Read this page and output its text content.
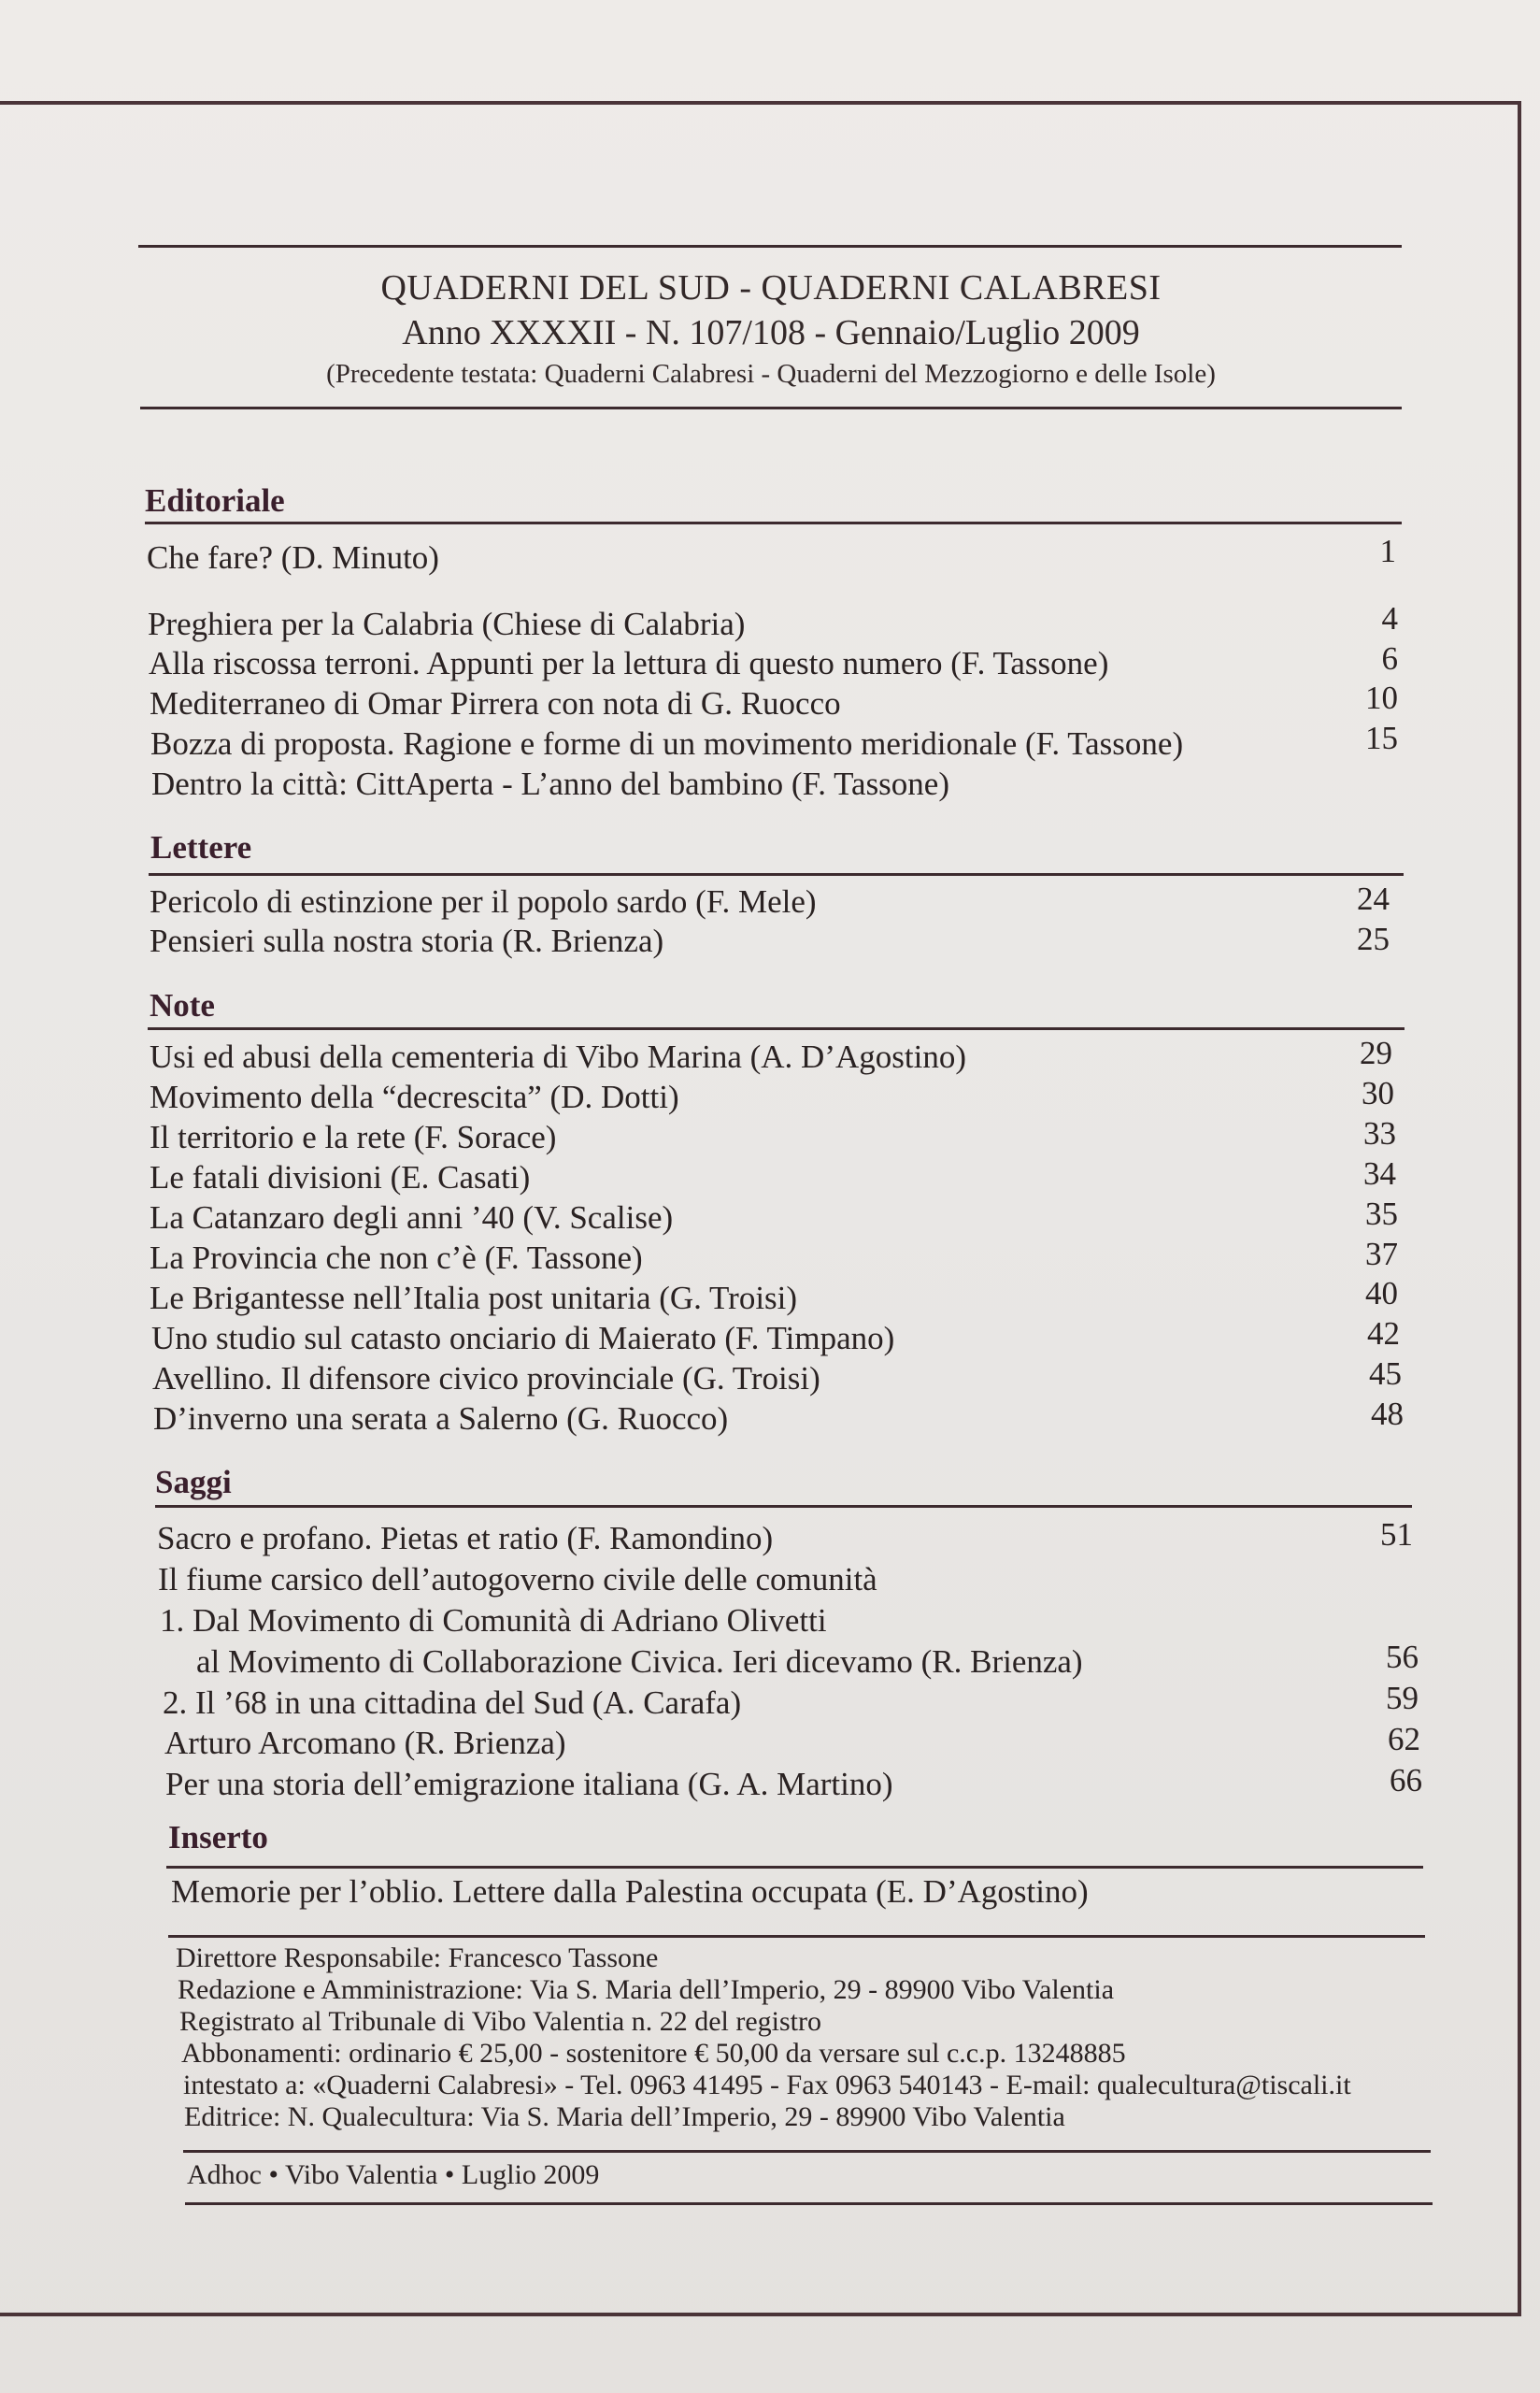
QUADERNI DEL SUD - QUADERNI CALABRESI
Anno XXXXII - N. 107/108 - Gennaio/Luglio 2009
(Precedente testata: Quaderni Calabresi - Quaderni del Mezzogiorno e delle Isole)
Editoriale
Che fare? (D. Minuto)	1
Preghiera per la Calabria (Chiese di Calabria)	4
Alla riscossa terroni. Appunti per la lettura di questo numero (F. Tassone)	6
Mediterraneo di Omar Pirrera con nota di G. Ruocco	10
Bozza di proposta. Ragione e forme di un movimento meridionale (F. Tassone)	15
Dentro la città: CittAperta - L’anno del bambino (F. Tassone)
Lettere
Pericolo di estinzione per il popolo sardo (F. Mele)	24
Pensieri sulla nostra storia (R. Brienza)	25
Note
Usi ed abusi della cementeria di Vibo Marina (A. D’Agostino)	29
Movimento della “decrescita” (D. Dotti)	30
Il territorio e la rete (F. Sorace)	33
Le fatali divisioni (E. Casati)	34
La Catanzaro degli anni ’40 (V. Scalise)	35
La Provincia che non c’è (F. Tassone)	37
Le Brigantesse nell’Italia post unitaria (G. Troisi)	40
Uno studio sul catasto onciario di Maierato (F. Timpano)	42
Avellino. Il difensore civico provinciale (G. Troisi)	45
D’inverno una serata a Salerno (G. Ruocco)	48
Saggi
Sacro e profano. Pietas et ratio (F. Ramondino)	51
Il fiume carsico dell’autogoverno civile delle comunità
1. Dal Movimento di Comunità di Adriano Olivetti
al Movimento di Collaborazione Civica. Ieri dicevamo (R. Brienza)	56
2. Il ’68 in una cittadina del Sud (A. Carafa)	59
Arturo Arcomano (R. Brienza)	62
Per una storia dell’emigrazione italiana (G. A. Martino)	66
Inserto
Memorie per l’oblio. Lettere dalla Palestina occupata (E. D’Agostino)
Direttore Responsabile: Francesco Tassone
Redazione e Amministrazione: Via S. Maria dell’Imperio, 29 - 89900 Vibo Valentia
Registrato al Tribunale di Vibo Valentia n. 22 del registro
Abbonamenti: ordinario € 25,00 - sostenitore € 50,00 da versare sul c.c.p. 13248885
intestato a: «Quaderni Calabresi» - Tel. 0963 41495 - Fax 0963 540143 - E-mail: qualecultura@tiscali.it
Editrice: N. Qualecultura: Via S. Maria dell’Imperio, 29 - 89900 Vibo Valentia
Adhoc • Vibo Valentia • Luglio 2009
